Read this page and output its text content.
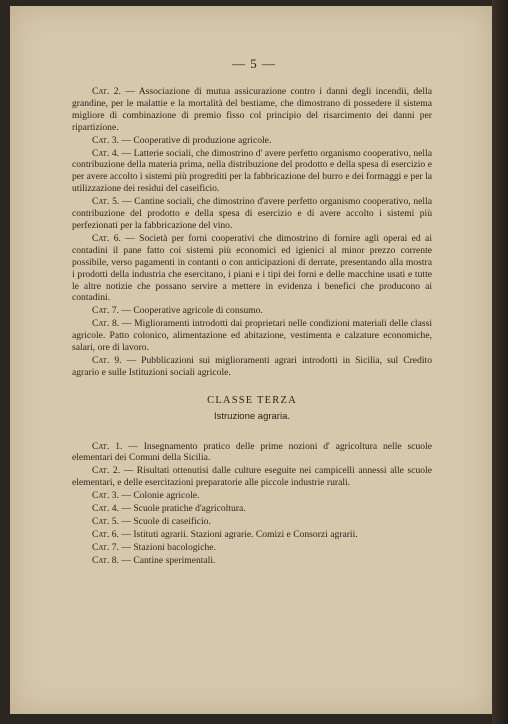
— 5 —

Cat. 2. — Associazione di mutua assicurazione contro i danni degli incendii, della grandine, per le malattie e la mortalità del bestiame, che dimostrano di possedere il sistema migliore di combinazione di premio fisso col principio del risarcimento dei danni per ripartizione.

Cat. 3. — Cooperative di produzione agricole.

Cat. 4. — Latterie sociali, che dimostrino d' avere perfetto organismo cooperativo, nella contribuzione della materia prima, nella distribuzione del prodotto e della spesa di esercizio e per avere accolto i sistemi più progrediti per la fabbricazione del burro e dei formaggi e per la utilizzazione dei residui del caseificio.

Cat. 5. — Cantine sociali, che dimostrino d'avere perfetto organismo cooperativo, nella contribuzione del prodotto e della spesa di esercizio e di avere accolto i sistemi più perfezionati per la fabbricazione del vino.

Cat. 6. — Società per forni cooperativi che dimostrino di fornire agli operai ed ai contadini il pane fatto coi sistemi più economici ed igienici al minor prezzo corrente possibile, verso pagamenti in contanti o con anticipazioni di derrate, presentando alla mostra i prodotti della industria che esercitano, i piani e i tipi dei forni e delle macchine usati e tutte le altre notizie che possano servire a mettere in evidenza i benefici che producono ai contadini.

Cat. 7. — Cooperative agricole di consumo.

Cat. 8. — Miglioramenti introdotti dai proprietari nelle condizioni materiali delle classi agricole. Patto colonico, alimentazione ed abitazione, vestimenta e calzature economiche, salari, ore di lavoro.

Cat. 9. — Pubblicazioni sui miglioramenti agrari introdotti in Sicilia, sul Credito agrario e sulle Istituzioni sociali agricole.

CLASSE TERZA

Istruzione agraria.

Cat. 1. — Insegnamento pratico delle prime nozioni d' agricoltura nelle scuole elementari dei Comuni della Sicilia.

Cat. 2. — Risultati ottenutisi dalle culture eseguite nei campicelli annessi alle scuole elementari, e delle esercitazioni preparatorie alle piccole industrie rurali.

Cat. 3. — Colonie agricole.

Cat. 4. — Scuole pratiche d'agricoltura.

Cat. 5. — Scuole di caseificio.

Cat. 6. — Istituti agrarii. Stazioni agrarie. Comizi e Consorzi agrarii.

Cat. 7. — Stazioni bacologiche.

Cat. 8. — Cantine sperimentali.
